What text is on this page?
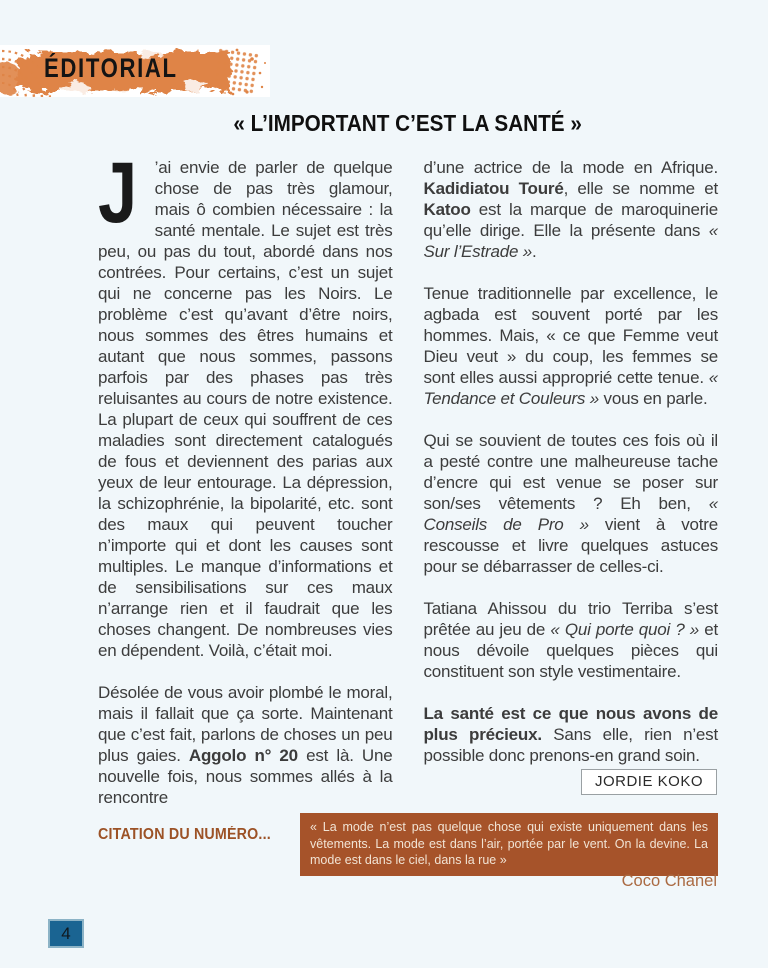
ÉDITORIAL
« L’IMPORTANT C’EST LA SANTÉ »

J ’ai envie de parler de quelque chose de pas très glamour, mais ô combien nécessaire : la santé mentale. Le sujet est très peu, ou pas du tout, abordé dans nos contrées. Pour certains, c’est un sujet qui ne concerne pas les Noirs. Le problème c’est qu’avant d’être noirs, nous sommes des êtres humains et autant que nous sommes, passons parfois par des phases pas très reluisantes au cours de notre existence. La plupart de ceux qui souffrent de ces maladies sont directement catalogués de fous et deviennent des parias aux yeux de leur entourage. La dépression, la schizophrénie, la bipolarité, etc. sont des maux qui peuvent toucher n’importe qui et dont les causes sont multiples. Le manque d’informations et de sensibilisations sur ces maux n’arrange rien et il faudrait que les choses changent. De nombreuses vies en dépendent. Voilà, c’était moi.

Désolée de vous avoir plombé le moral, mais il fallait que ça sorte. Maintenant que c’est fait, parlons de choses un peu plus gaies. Aggolo n° 20 est là. Une nouvelle fois, nous sommes allés à la rencontre

d’une actrice de la mode en Afrique. Kadidiatou Touré, elle se nomme et Katoo est la marque de maroquinerie qu’elle dirige. Elle la présente dans « Sur l’Estrade ».

Tenue traditionnelle par excellence, le agbada est souvent porté par les hommes. Mais, « ce que Femme veut Dieu veut » du coup, les femmes se sont elles aussi approprié cette tenue. « Tendance et Couleurs » vous en parle.

Qui se souvient de toutes ces fois où il a pesté contre une malheureuse tache d’encre qui est venue se poser sur son/ses vêtements ? Eh ben, « Conseils de Pro » vient à votre rescousse et livre quelques astuces pour se débarrasser de celles-ci.

Tatiana Ahissou du trio Terriba s’est prêtée au jeu de « Qui porte quoi ? » et nous dévoile quelques pièces qui constituent son style vestimentaire.

La santé est ce que nous avons de plus précieux. Sans elle, rien n’est possible donc prenons-en grand soin.

JORDIE KOKO
CITATION DU NUMÉRO...	« La mode n’est pas quelque chose qui existe uniquement dans les vêtements. La mode est dans l’air, portée par le vent. On la devine. La mode est dans le ciel, dans la rue »
Coco Chanel
4
